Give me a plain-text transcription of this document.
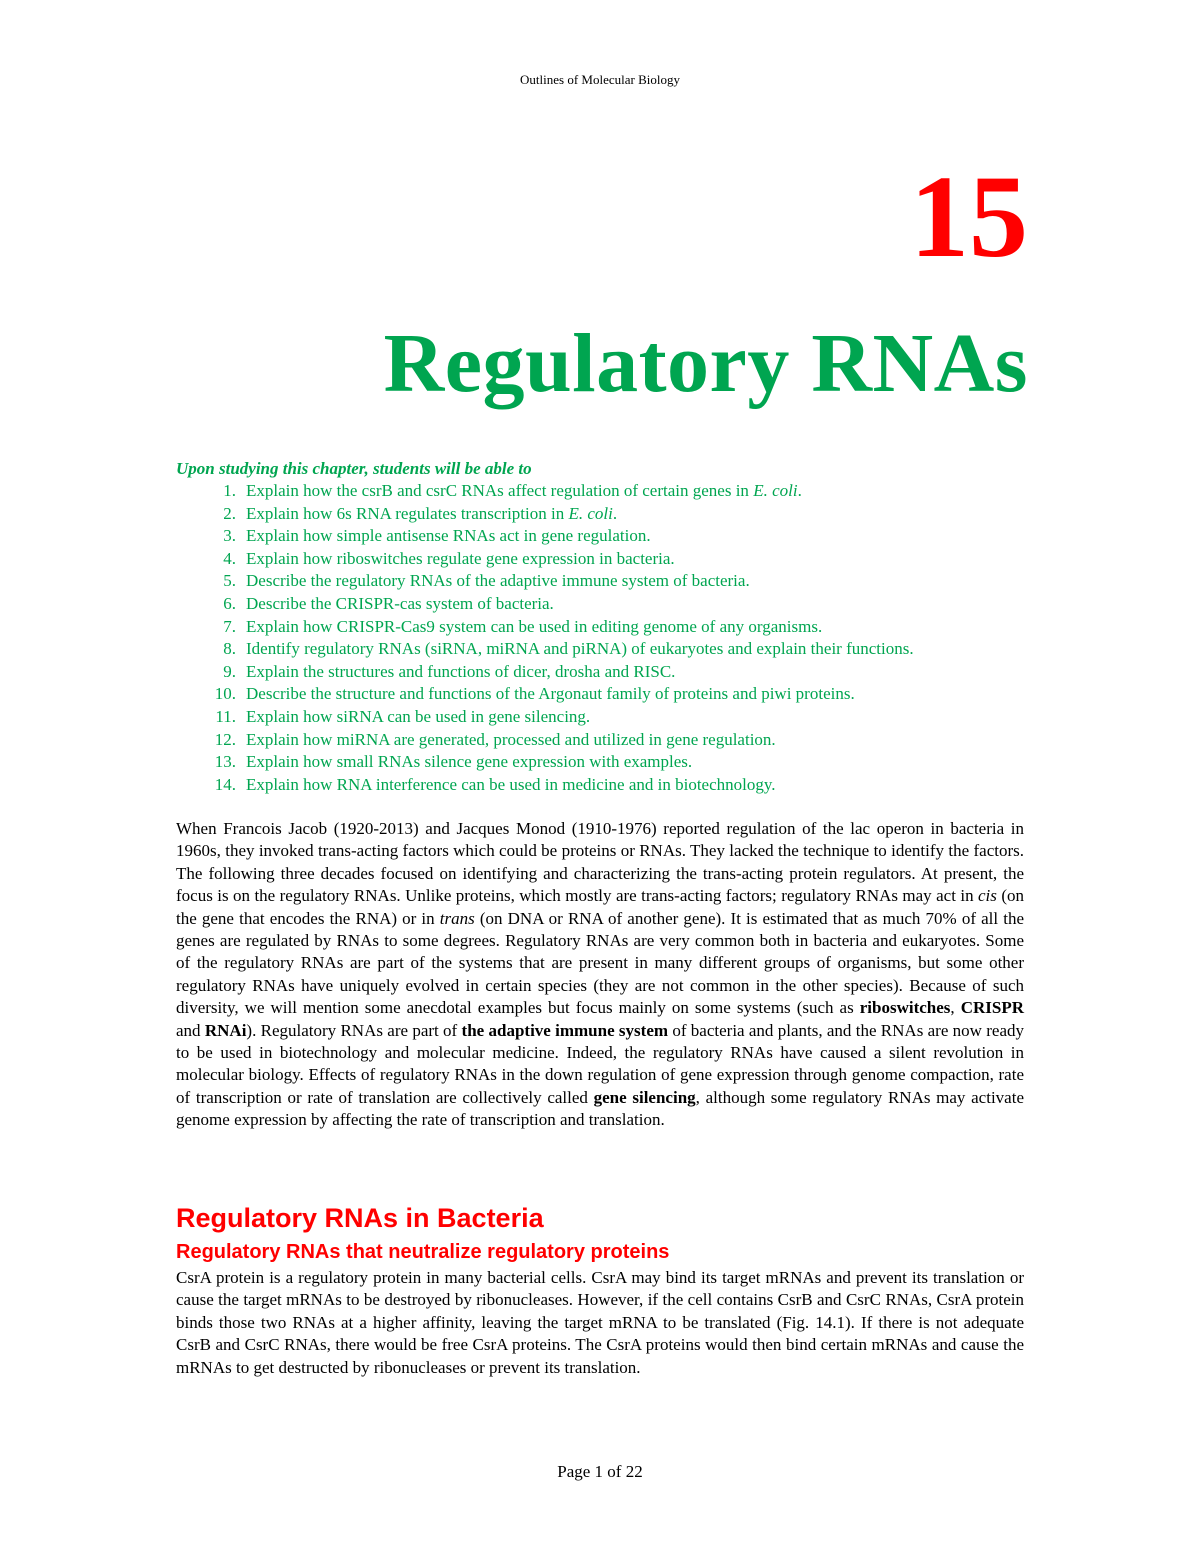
Outlines of Molecular Biology
15
Regulatory RNAs

Upon studying this chapter, students will be able to

1. Explain how the csrB and csrC RNAs affect regulation of certain genes in E. coli.
2. Explain how 6s RNA regulates transcription in E. coli.
3. Explain how simple antisense RNAs act in gene regulation.
4. Explain how riboswitches regulate gene expression in bacteria.
5. Describe the regulatory RNAs of the adaptive immune system of bacteria.
6. Describe the CRISPR-cas system of bacteria.
7. Explain how CRISPR-Cas9 system can be used in editing genome of any organisms.
8. Identify regulatory RNAs (siRNA, miRNA and piRNA) of eukaryotes and explain their functions.
9. Explain the structures and functions of dicer, drosha and RISC.
10. Describe the structure and functions of the Argonaut family of proteins and piwi proteins.
11. Explain how siRNA can be used in gene silencing.
12. Explain how miRNA are generated, processed and utilized in gene regulation.
13. Explain how small RNAs silence gene expression with examples.
14. Explain how RNA interference can be used in medicine and in biotechnology.

When Francois Jacob (1920-2013) and Jacques Monod (1910-1976) reported regulation of the lac operon in bacteria in 1960s, they invoked trans-acting factors which could be proteins or RNAs. They lacked the technique to identify the factors. The following three decades focused on identifying and characterizing the trans-acting protein regulators. At present, the focus is on the regulatory RNAs. Unlike proteins, which mostly are trans-acting factors; regulatory RNAs may act in cis (on the gene that encodes the RNA) or in trans (on DNA or RNA of another gene). It is estimated that as much 70% of all the genes are regulated by RNAs to some degrees. Regulatory RNAs are very common both in bacteria and eukaryotes. Some of the regulatory RNAs are part of the systems that are present in many different groups of organisms, but some other regulatory RNAs have uniquely evolved in certain species (they are not common in the other species). Because of such diversity, we will mention some anecdotal examples but focus mainly on some systems (such as riboswitches, CRISPR and RNAi). Regulatory RNAs are part of the adaptive immune system of bacteria and plants, and the RNAs are now ready to be used in biotechnology and molecular medicine. Indeed, the regulatory RNAs have caused a silent revolution in molecular biology. Effects of regulatory RNAs in the down regulation of gene expression through genome compaction, rate of transcription or rate of translation are collectively called gene silencing, although some regulatory RNAs may activate genome expression by affecting the rate of transcription and translation.

Regulatory RNAs in Bacteria
Regulatory RNAs that neutralize regulatory proteins

CsrA protein is a regulatory protein in many bacterial cells. CsrA may bind its target mRNAs and prevent its translation or cause the target mRNAs to be destroyed by ribonucleases. However, if the cell contains CsrB and CsrC RNAs, CsrA protein binds those two RNAs at a higher affinity, leaving the target mRNA to be translated (Fig. 14.1). If there is not adequate CsrB and CsrC RNAs, there would be free CsrA proteins. The CsrA proteins would then bind certain mRNAs and cause the mRNAs to get destructed by ribonucleases or prevent its translation.

Page 1 of 22
